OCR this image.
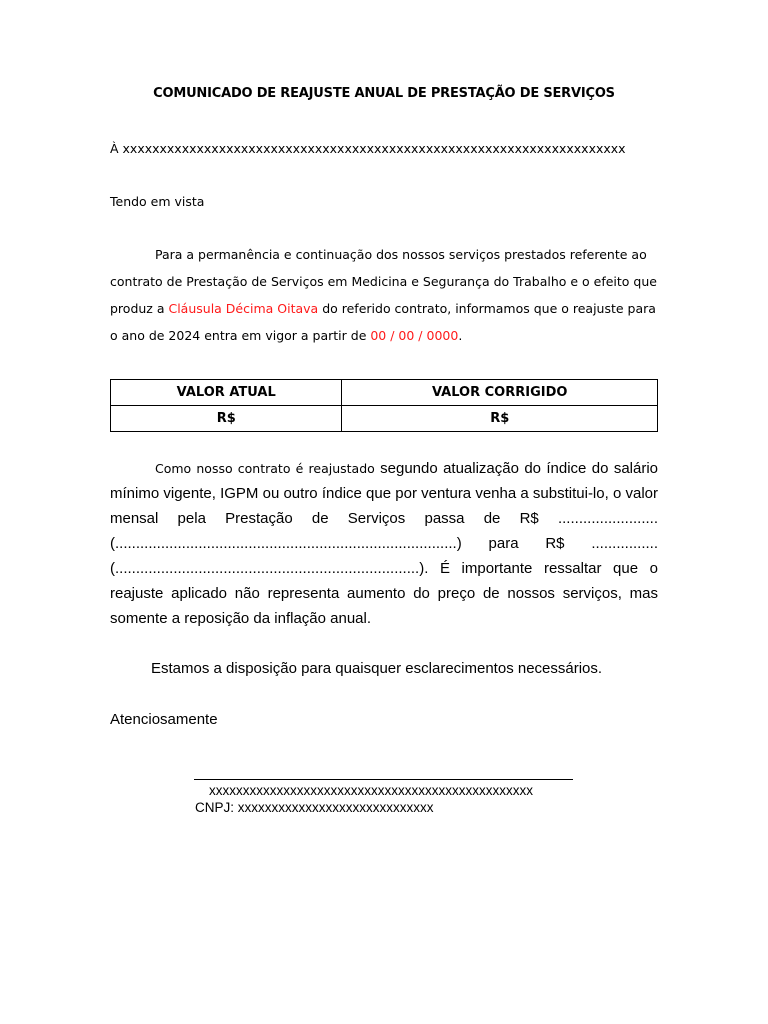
COMUNICADO DE REAJUSTE ANUAL DE PRESTAÇÃO DE SERVIÇOS
À xxxxxxxxxxxxxxxxxxxxxxxxxxxxxxxxxxxxxxxxxxxxxxxxxxxxxxxxxxxxxxxxxxxx
Tendo em vista
Para a permanência e continuação dos nossos serviços prestados referente ao
contrato de Prestação de Serviços em Medicina e Segurança do Trabalho e o efeito que
produz a Cláusula Décima Oitava do referido contrato, informamos que o reajuste para
o ano de 2024 entra em vigor a partir de 00 / 00 / 0000.
VALOR ATUAL	VALOR CORRIGIDO
R$	R$
Como nosso contrato é reajustado segundo atualização do índice do salário mínimo vigente, IGPM ou outro índice que por ventura venha a substitui-lo, o valor mensal pela Prestação de Serviços passa de R$ ........................ (..................................................................................) para R$ ................ (.........................................................................). É importante ressaltar que o reajuste aplicado não representa aumento do preço de nossos serviços, mas somente a reposição da inflação anual.
Estamos a disposição para quaisquer esclarecimentos necessários.
Atenciosamente
xxxxxxxxxxxxxxxxxxxxxxxxxxxxxxxxxxxxxxxxxxxxxxxx
CNPJ: xxxxxxxxxxxxxxxxxxxxxxxxxxxxx
